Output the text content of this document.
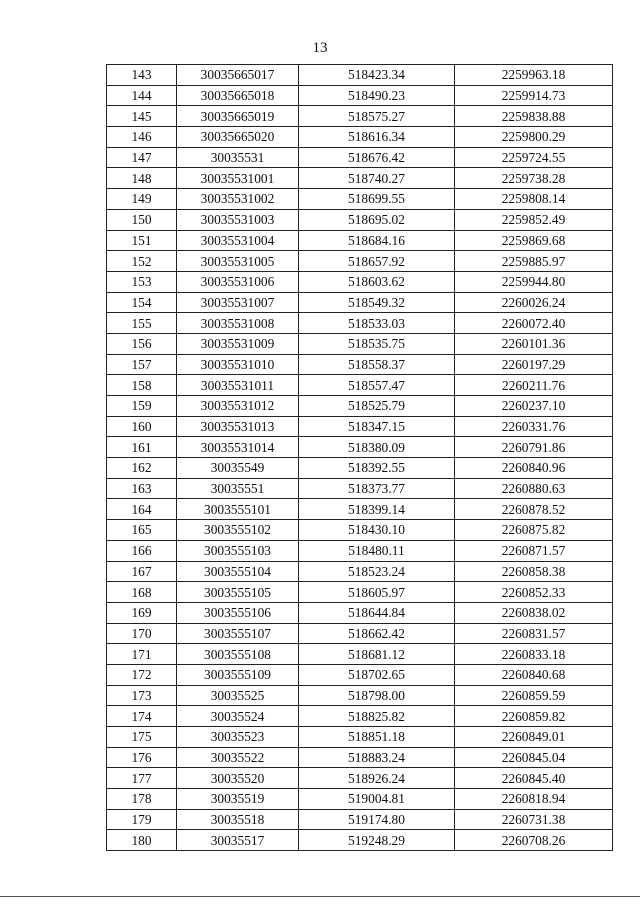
13
143	30035665017	518423.34	2259963.18
144	30035665018	518490.23	2259914.73
145	30035665019	518575.27	2259838.88
146	30035665020	518616.34	2259800.29
147	30035531	518676.42	2259724.55
148	30035531001	518740.27	2259738.28
149	30035531002	518699.55	2259808.14
150	30035531003	518695.02	2259852.49
151	30035531004	518684.16	2259869.68
152	30035531005	518657.92	2259885.97
153	30035531006	518603.62	2259944.80
154	30035531007	518549.32	2260026.24
155	30035531008	518533.03	2260072.40
156	30035531009	518535.75	2260101.36
157	30035531010	518558.37	2260197.29
158	30035531011	518557.47	2260211.76
159	30035531012	518525.79	2260237.10
160	30035531013	518347.15	2260331.76
161	30035531014	518380.09	2260791.86
162	30035549	518392.55	2260840.96
163	30035551	518373.77	2260880.63
164	3003555101	518399.14	2260878.52
165	3003555102	518430.10	2260875.82
166	3003555103	518480.11	2260871.57
167	3003555104	518523.24	2260858.38
168	3003555105	518605.97	2260852.33
169	3003555106	518644.84	2260838.02
170	3003555107	518662.42	2260831.57
171	3003555108	518681.12	2260833.18
172	3003555109	518702.65	2260840.68
173	30035525	518798.00	2260859.59
174	30035524	518825.82	2260859.82
175	30035523	518851.18	2260849.01
176	30035522	518883.24	2260845.04
177	30035520	518926.24	2260845.40
178	30035519	519004.81	2260818.94
179	30035518	519174.80	2260731.38
180	30035517	519248.29	2260708.26
